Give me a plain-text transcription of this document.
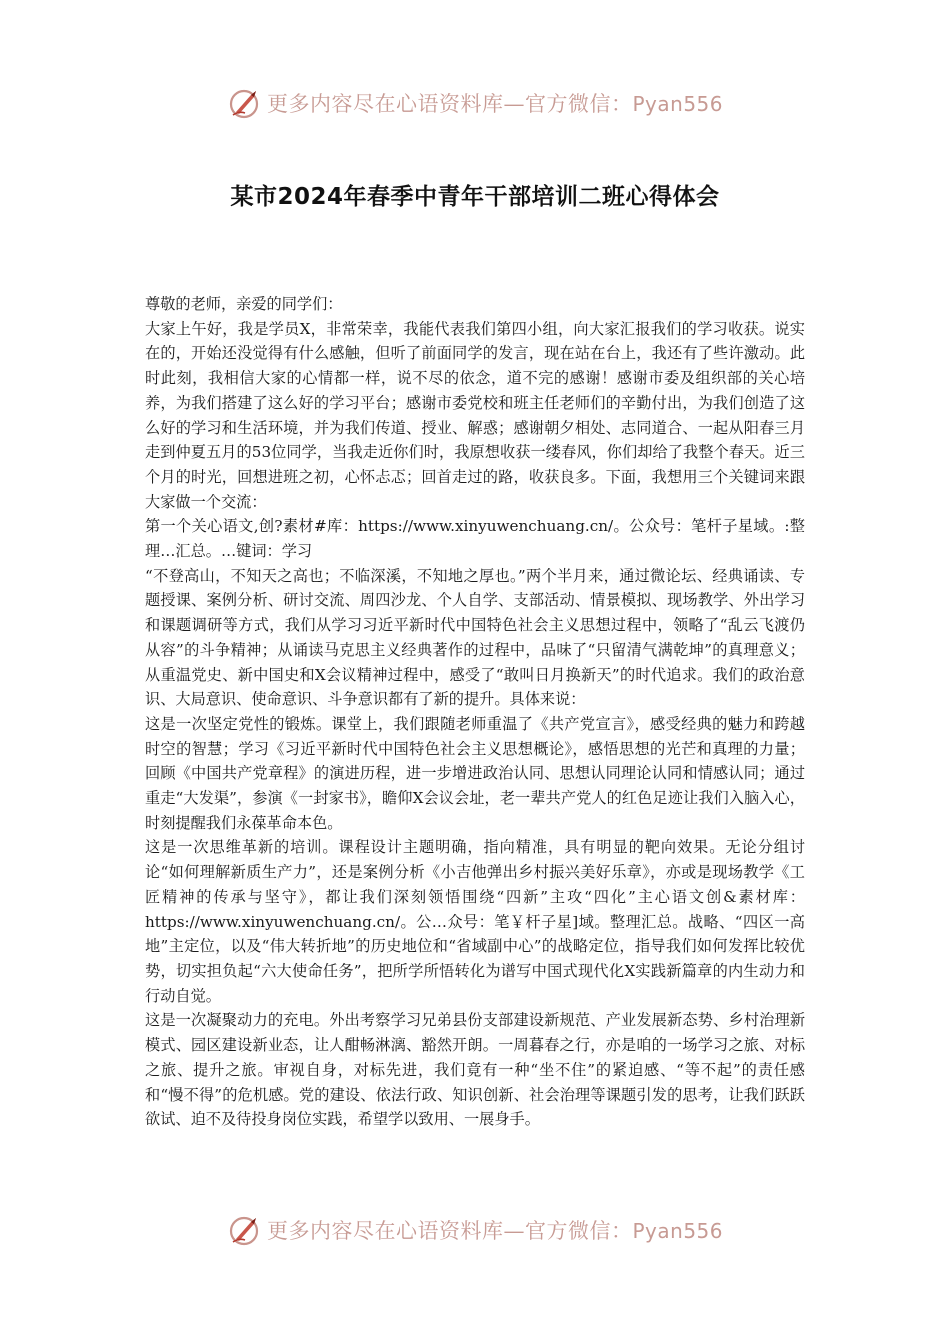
更多内容尽在心语资料库—官方微信：Pyan556
某市2024年春季中青年干部培训二班心得体会

尊敬的老师，亲爱的同学们：

大家上午好，我是学员X，非常荣幸，我能代表我们第四小组，向大家汇报我们的学习收获。说实在的，开始还没觉得有什么感触，但听了前面同学的发言，现在站在台上，我还有了些许激动。此时此刻，我相信大家的心情都一样，说不尽的依念，道不完的感谢！感谢市委及组织部的关心培养，为我们搭建了这么好的学习平台；感谢市委党校和班主任老师们的辛勤付出，为我们创造了这么好的学习和生活环境，并为我们传道、授业、解惑；感谢朝夕相处、志同道合、一起从阳春三月走到仲夏五月的53位同学，当我走近你们时，我原想收获一缕春风，你们却给了我整个春天。近三个月的时光，回想进班之初，心怀忐忑；回首走过的路，收获良多。下面，我想用三个关键词来跟大家做一个交流：

第一个关心语文,创?素材#库：https://www.xinyuwenchuang.cn/。公众号：笔杆子星域。:整理…汇总。…键词：学习

“不登高山，不知天之高也；不临深溪，不知地之厚也。”两个半月来，通过微论坛、经典诵读、专题授课、案例分析、研讨交流、周四沙龙、个人自学、支部活动、情景模拟、现场教学、外出学习和课题调研等方式，我们从学习习近平新时代中国特色社会主义思想过程中，领略了“乱云飞渡仍从容”的斗争精神；从诵读马克思主义经典著作的过程中，品味了“只留清气满乾坤”的真理意义；从重温党史、新中国史和X会议精神过程中，感受了“敢叫日月换新天”的时代追求。我们的政治意识、大局意识、使命意识、斗争意识都有了新的提升。具体来说：

这是一次坚定党性的锻炼。课堂上，我们跟随老师重温了《共产党宣言》，感受经典的魅力和跨越时空的智慧；学习《习近平新时代中国特色社会主义思想概论》，感悟思想的光芒和真理的力量；回顾《中国共产党章程》的演进历程，进一步增进政治认同、思想认同理论认同和情感认同；通过重走“大发渠”，参演《一封家书》，瞻仰X会议会址，老一辈共产党人的红色足迹让我们入脑入心，时刻提醒我们永葆革命本色。

这是一次思维革新的培训。课程设计主题明确，指向精准，具有明显的靶向效果。无论分组讨论“如何理解新质生产力”，还是案例分析《小吉他弹出乡村振兴美好乐章》，亦或是现场教学《工匠精神的传承与坚守》，都让我们深刻领悟围绕“四新”主攻“四化”主心语文创&素材库：https://www.xinyuwenchuang.cn/。公…众号：笔￥杆子星]域。整理汇总。战略、“四区一高地”主定位，以及“伟大转折地”的历史地位和“省域副中心”的战略定位，指导我们如何发挥比较优势，切实担负起“六大使命任务”，把所学所悟转化为谱写中国式现代化X实践新篇章的内生动力和行动自觉。

这是一次凝聚动力的充电。外出考察学习兄弟县份支部建设新规范、产业发展新态势、乡村治理新模式、园区建设新业态，让人酣畅淋漓、豁然开朗。一周暮春之行，亦是咱的一场学习之旅、对标之旅、提升之旅。审视自身，对标先进，我们竟有一种“坐不住”的紧迫感、“等不起”的责任感和“慢不得”的危机感。党的建设、依法行政、知识创新、社会治理等课题引发的思考，让我们跃跃欲试、迫不及待投身岗位实践，希望学以致用、一展身手。

更多内容尽在心语资料库—官方微信：Pyan556
